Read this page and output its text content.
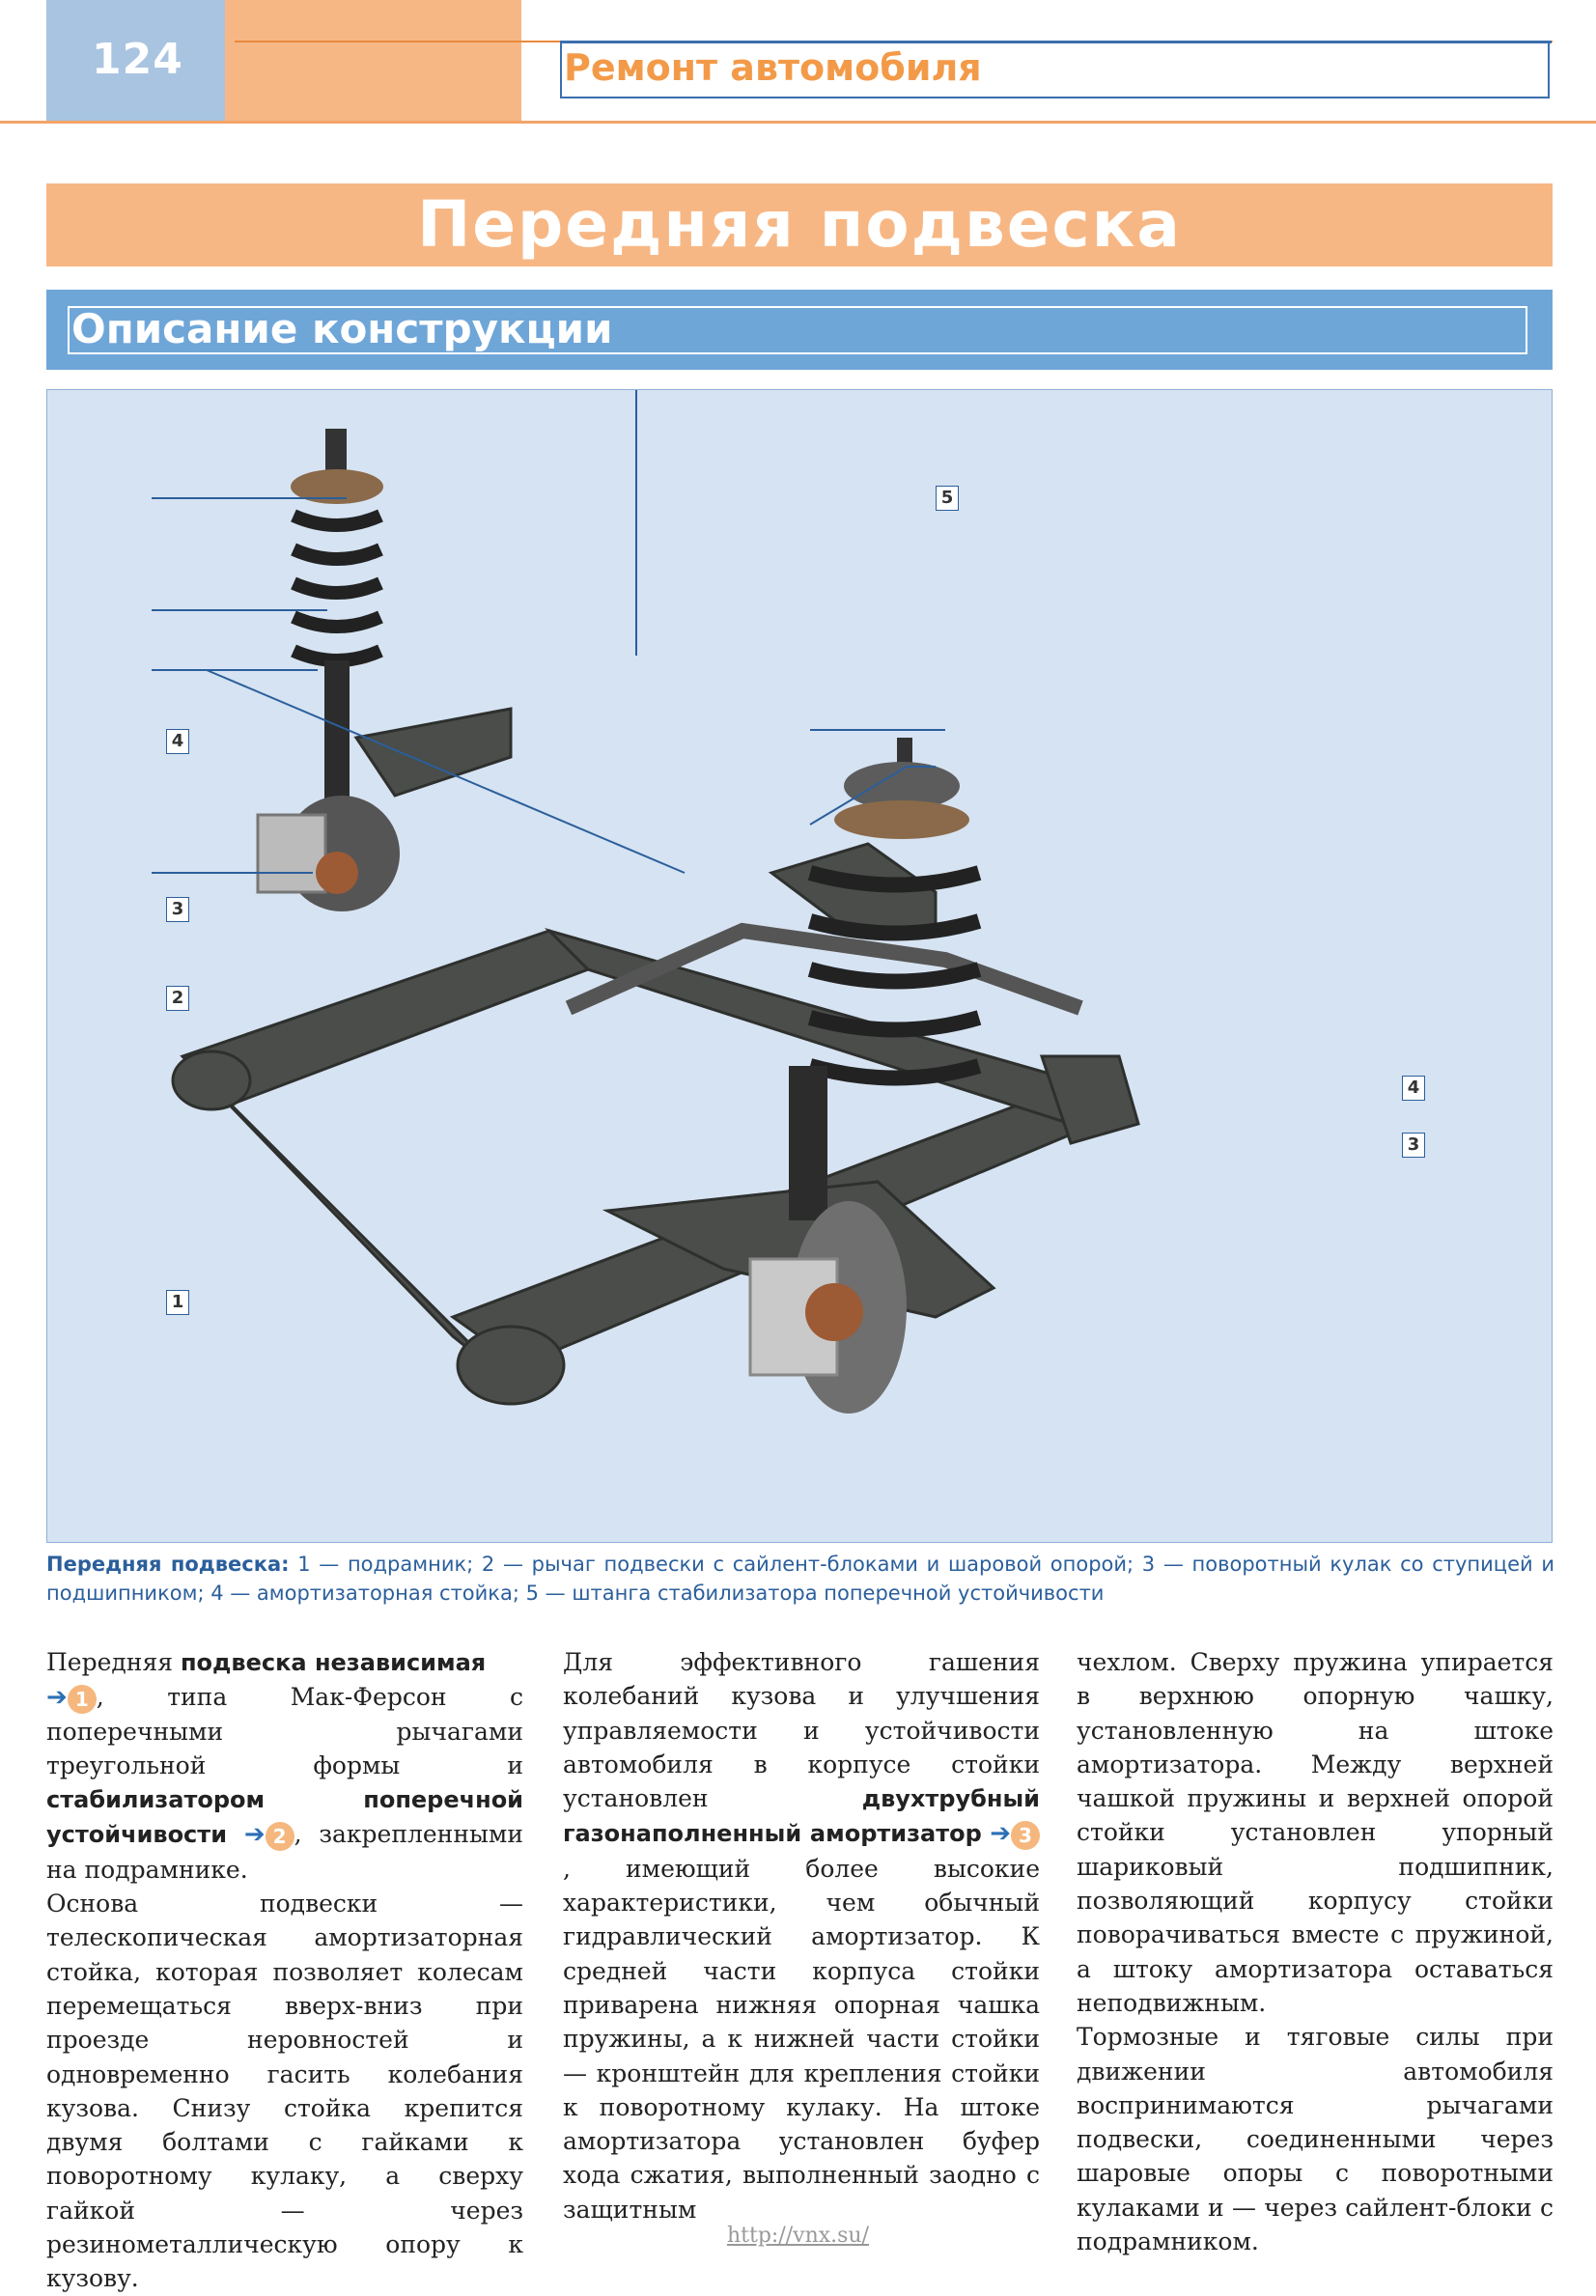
124	Ремонт автомобиля
Передняя подвеска
Описание конструкции
1
2
3
4
5
4
3
Передняя подвеска: 1 — подрамник; 2 — рычаг подвески с сайлент-блоками и шаровой опорой; 3 — поворотный кулак со ступицей и подшипником; 4 — амортизаторная стойка; 5 — штанга стабилизатора поперечной устойчивости

Передняя подвеска независимая
➔ 1 , типа Мак-Ферсон с поперечными рычагами треугольной формы и стабилизатором поперечной устойчивости ➔ 2 , закрепленными на подрамнике.

Основа подвески — телескопическая амортизаторная стойка, которая позволяет колесам перемещаться вверх-вниз при проезде неровностей и одновременно гасить колебания кузова. Снизу стойка крепится двумя болтами с гайками к поворотному кулаку, а сверху гайкой — через резинометаллическую опору к кузову.

Для эффективного гашения колебаний кузова и улучшения управляемости и устойчивости автомобиля в корпусе стойки установлен двухтрубный газонаполненный амортизатор ➔ 3, имеющий более высокие характеристики, чем обычный гидравлический амортизатор. К средней части корпуса стойки приварена нижняя опорная чашка пружины, а к нижней части стойки — кронштейн для крепления стойки к поворотному кулаку. На штоке амортизатора установлен буфер хода сжатия, выполненный заодно с защитным

чехлом. Сверху пружина упирается в верхнюю опорную чашку, установленную на штоке амортизатора. Между верхней чашкой пружины и верхней опорой стойки установлен упорный шариковый подшипник, позволяющий корпусу стойки поворачиваться вместе с пружиной, а штоку амортизатора оставаться неподвижным.

Тормозные и тяговые силы при движении автомобиля воспринимаются рычагами подвески, соединенными через шаровые опоры с поворотными кулаками и — через сайлент-блоки с подрамником.

http://vnx.su/
